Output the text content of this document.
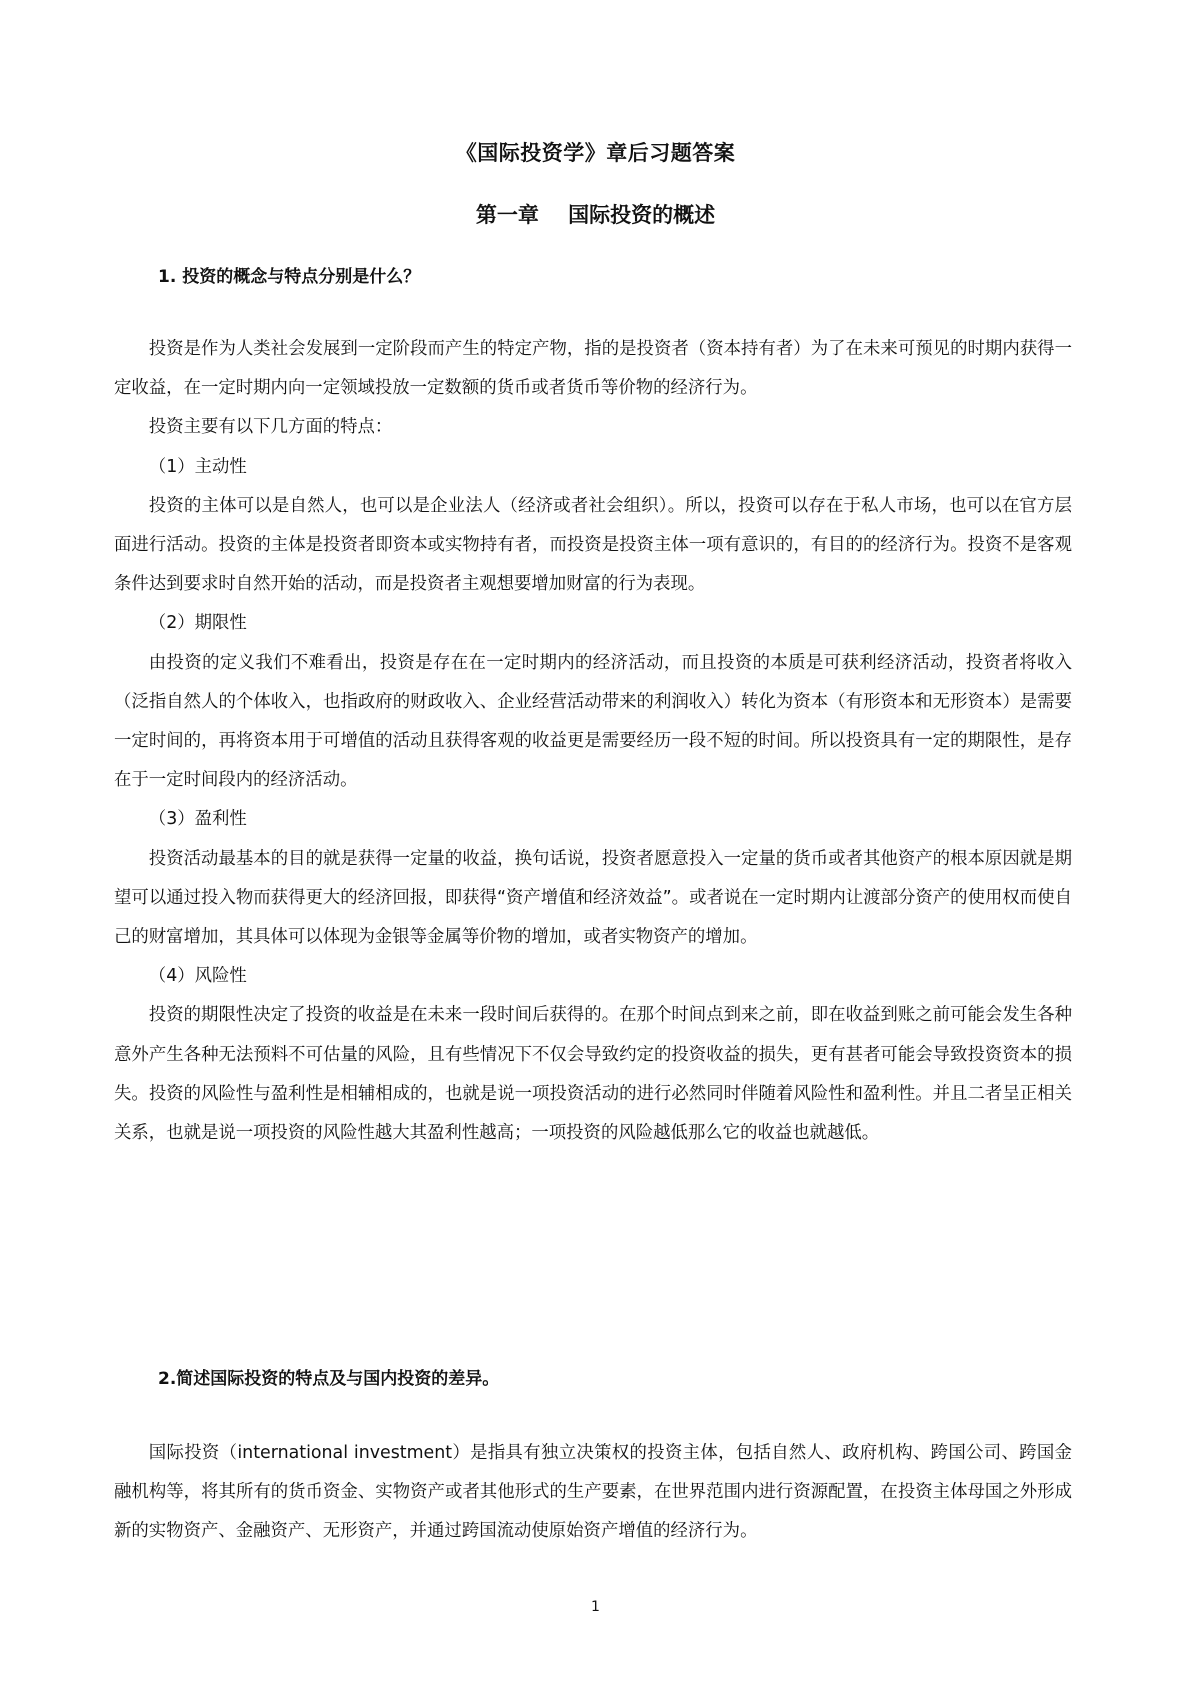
《国际投资学》章后习题答案
第一章    国际投资的概述
1. 投资的概念与特点分别是什么？

投资是作为人类社会发展到一定阶段而产生的特定产物，指的是投资者（资本持有者）为了在未来可预见的时期内获得一定收益，在一定时期内向一定领域投放一定数额的货币或者货币等价物的经济行为。

投资主要有以下几方面的特点：

（1）主动性

投资的主体可以是自然人，也可以是企业法人（经济或者社会组织）。所以，投资可以存在于私人市场，也可以在官方层面进行活动。投资的主体是投资者即资本或实物持有者，而投资是投资主体一项有意识的，有目的的经济行为。投资不是客观条件达到要求时自然开始的活动，而是投资者主观想要增加财富的行为表现。

（2）期限性

由投资的定义我们不难看出，投资是存在在一定时期内的经济活动，而且投资的本质是可获利经济活动，投资者将收入（泛指自然人的个体收入，也指政府的财政收入、企业经营活动带来的利润收入）转化为资本（有形资本和无形资本）是需要一定时间的，再将资本用于可增值的活动且获得客观的收益更是需要经历一段不短的时间。所以投资具有一定的期限性，是存在于一定时间段内的经济活动。

（3）盈利性

投资活动最基本的目的就是获得一定量的收益，换句话说，投资者愿意投入一定量的货币或者其他资产的根本原因就是期望可以通过投入物而获得更大的经济回报，即获得“资产增值和经济效益”。或者说在一定时期内让渡部分资产的使用权而使自己的财富增加，其具体可以体现为金银等金属等价物的增加，或者实物资产的增加。

（4）风险性

投资的期限性决定了投资的收益是在未来一段时间后获得的。在那个时间点到来之前，即在收益到账之前可能会发生各种意外产生各种无法预料不可估量的风险，且有些情况下不仅会导致约定的投资收益的损失，更有甚者可能会导致投资资本的损失。投资的风险性与盈利性是相辅相成的，也就是说一项投资活动的进行必然同时伴随着风险性和盈利性。并且二者呈正相关关系，也就是说一项投资的风险性越大其盈利性越高；一项投资的风险越低那么它的收益也就越低。

2.简述国际投资的特点及与国内投资的差异。

国际投资（international investment）是指具有独立决策权的投资主体，包括自然人、政府机构、跨国公司、跨国金融机构等，将其所有的货币资金、实物资产或者其他形式的生产要素，在世界范围内进行资源配置，在投资主体母国之外形成新的实物资产、金融资产、无形资产，并通过跨国流动使原始资产增值的经济行为。

1
